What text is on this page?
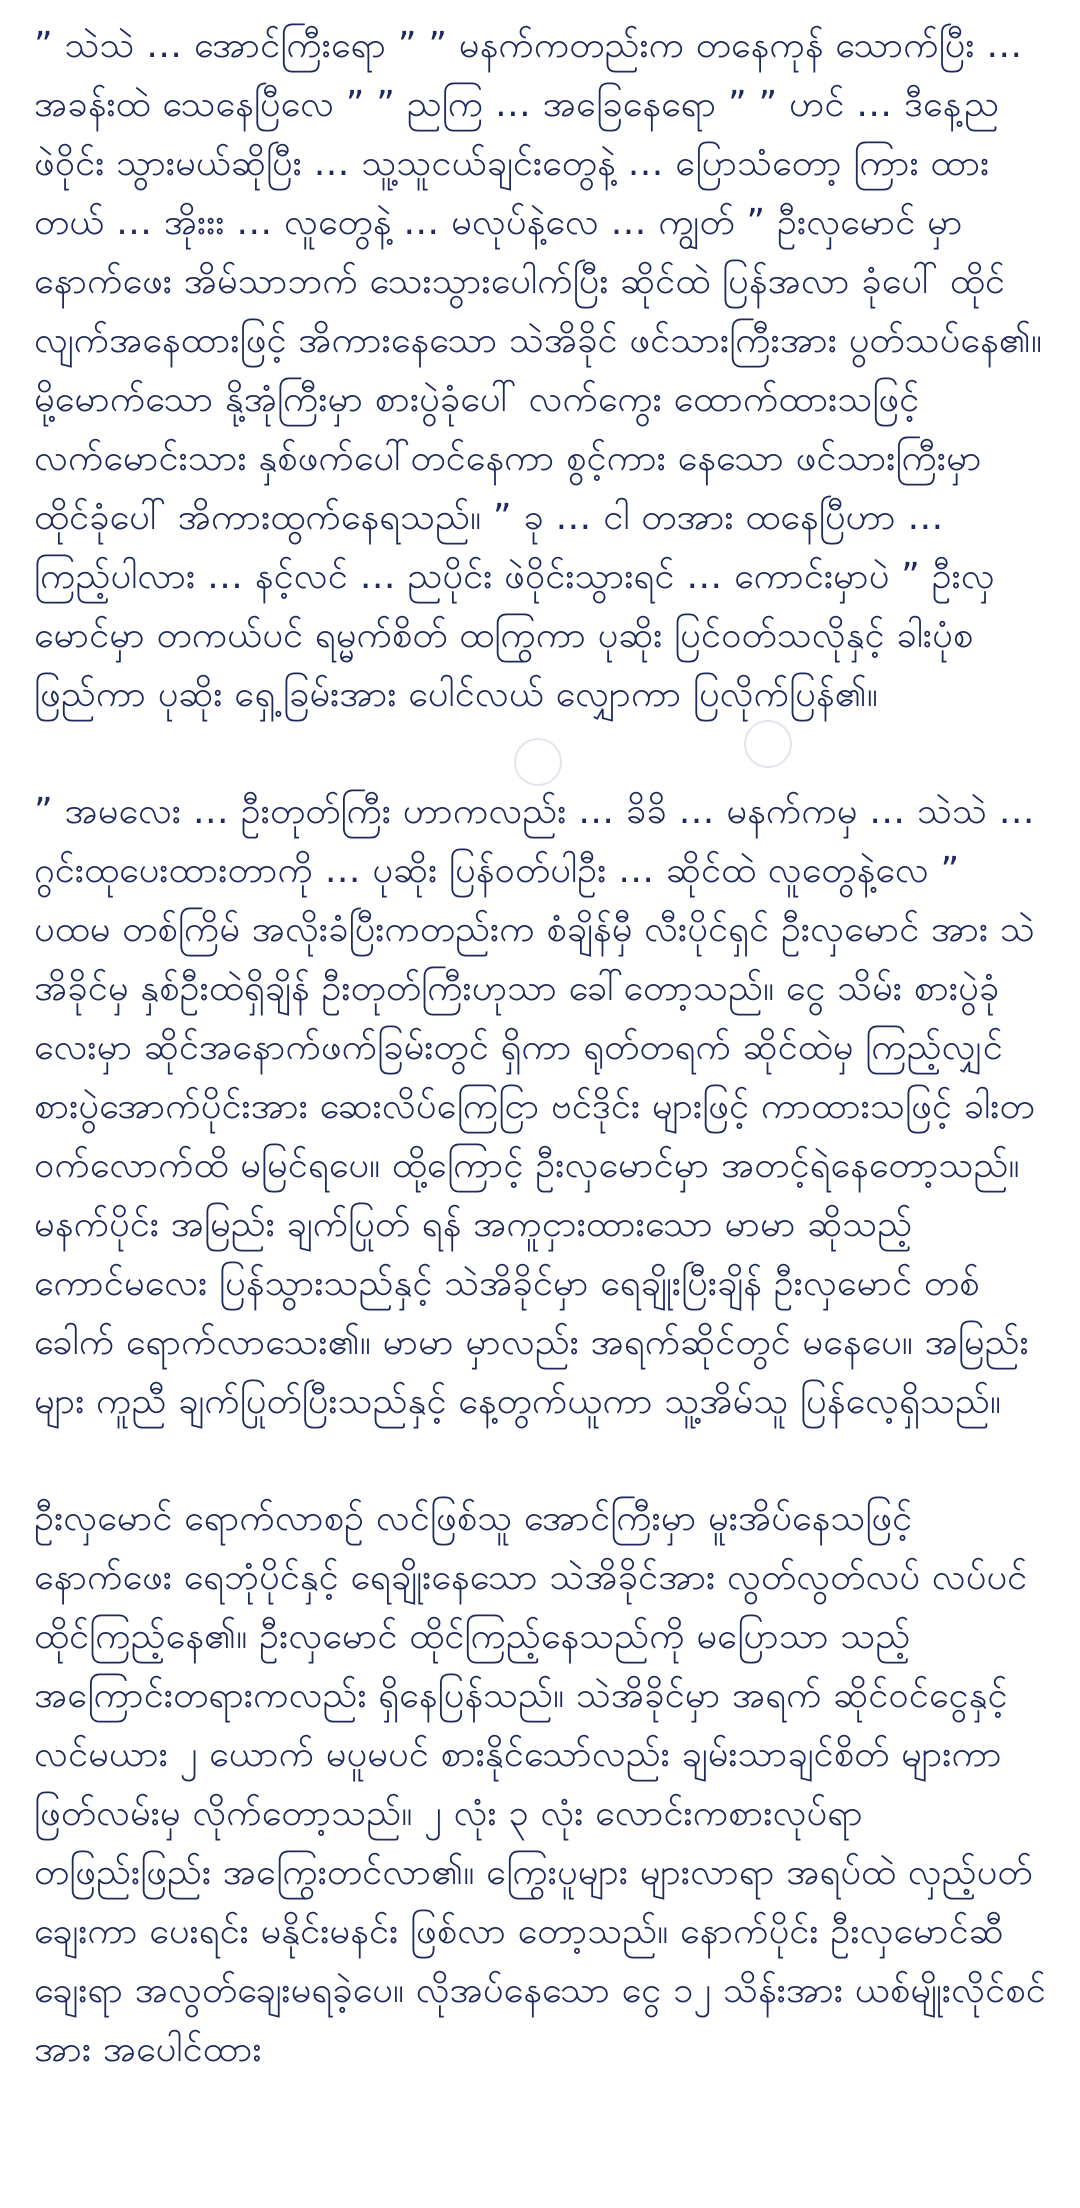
” သဲသဲ … အောင်ကြီးရော ” ” မနက်ကတည်းက တနေကုန် သောက်ပြီး … အခန်းထဲ သေနေပြီလေ ” ” ညကြ … အခြေနေရော ” ” ဟင် … ဒီနေ့ည ဖဲဝိုင်း သွားမယ်ဆိုပြီး … သူ့သူငယ်ချင်းတွေနဲ့ … ပြောသံတော့ ကြား ထားတယ် … အိုးးး … လူတွေနဲ့ … မလုပ်နဲ့လေ … ကျွတ် ” ဦးလှမောင် မှာ နောက်ဖေး အိမ်သာဘက် သေးသွားပေါက်ပြီး ဆိုင်ထဲ ပြန်အလာ ခုံပေါ် ထိုင်လျက်အနေထားဖြင့် အိကားနေသော သဲအိခိုင် ဖင်သားကြီးအား ပွတ်သပ်နေ၏။ မို့မောက်သော နို့အုံကြီးမှာ စားပွဲခုံပေါ် လက်ကွေး ထောက်ထားသဖြင့် လက်မောင်းသား နှစ်ဖက်ပေါ်တင်နေကာ စွင့်ကား နေသော ဖင်သားကြီးမှာ ထိုင်ခုံပေါ် အိကားထွက်နေရသည်။ ” ခု … ငါ တအား ထနေပြီဟာ … ကြည့်ပါလား … နင့်လင် … ညပိုင်း ဖဲဝိုင်းသွားရင် … ကောင်းမှာပဲ ” ဦးလှမောင်မှာ တကယ်ပင် ရမ္မက်စိတ် ထကြွကာ ပုဆိုး ပြင်ဝတ်သလိုနှင့် ခါးပုံစ ဖြည်ကာ ပုဆိုး ရှေ့ခြမ်းအား ပေါင်လယ် လျှောကာ ပြလိုက်ပြန်၏။

” အမလေး … ဦးတုတ်ကြီး ဟာကလည်း … ခိခိ … မနက်ကမှ … သဲသဲ … ဂွင်းထုပေးထားတာကို … ပုဆိုး ပြန်ဝတ်ပါဦး … ဆိုင်ထဲ လူတွေနဲ့လေ ” ပထမ တစ်ကြိမ် အလိုးခံပြီးကတည်းက စံချိန်မှီ လီးပိုင်ရှင် ဦးလှမောင် အား သဲအိခိုင်မှ နှစ်ဦးထဲရှိချိန် ဦးတုတ်ကြီးဟုသာ ခေါ်တော့သည်။ ငွေ သိမ်း စားပွဲခုံလေးမှာ ဆိုင်အနောက်ဖက်ခြမ်းတွင် ရှိကာ ရုတ်တရက် ဆိုင်ထဲမှ ကြည့်လျှင် စားပွဲအောက်ပိုင်းအား ဆေးလိပ်ကြေငြာ ဗင်ဒိုင်း များဖြင့် ကာထားသဖြင့် ခါးတဝက်လောက်ထိ မမြင်ရပေ။ ထို့ကြောင့် ဦးလှမောင်မှာ အတင့်ရဲနေတော့သည်။ မနက်ပိုင်း အမြည်း ချက်ပြုတ် ရန် အကူငှားထားသော မာမာ ဆိုသည့် ကောင်မလေး ပြန်သွားသည်နှင့် သဲအိခိုင်မှာ ရေချိုးပြီးချိန် ဦးလှမောင် တစ်ခေါက် ရောက်လာသေး၏။ မာမာ မှာလည်း အရက်ဆိုင်တွင် မနေပေ။ အမြည်းများ ကူညီ ချက်ပြုတ်ပြီးသည်နှင့် နေ့တွက်ယူကာ သူ့အိမ်သူ ပြန်လေ့ရှိသည်။

ဦးလှမောင် ရောက်လာစဉ် လင်ဖြစ်သူ အောင်ကြီးမှာ မူးအိပ်နေသဖြင့် နောက်ဖေး ရေဘုံပိုင်နှင့် ရေချိုးနေသော သဲအိခိုင်အား လွတ်လွတ်လပ် လပ်ပင် ထိုင်ကြည့်နေ၏။ ဦးလှမောင် ထိုင်ကြည့်နေသည်ကို မပြောသာ သည့် အကြောင်းတရားကလည်း ရှိနေပြန်သည်။ သဲအိခိုင်မှာ အရက် ဆိုင်ဝင်ငွေနှင့် လင်မယား ၂ ယောက် မပူမပင် စားနိုင်သော်လည်း ချမ်းသာချင်စိတ် များကာ ဖြတ်လမ်းမှ လိုက်တော့သည်။ ၂ လုံး ၃ လုံး လောင်းကစားလုပ်ရာ တဖြည်းဖြည်း အကြွေးတင်လာ၏။ ကြွေးပူများ များလာရာ အရပ်ထဲ လှည့်ပတ်ချေးကာ ပေးရင်း မနိုင်းမနင်း ဖြစ်လာ တော့သည်။ နောက်ပိုင်း ဦးလှမောင်ဆီ ချေးရာ အလွတ်ချေးမရခဲ့ပေ။ လိုအပ်နေသော ငွေ ၁၂ သိန်းအား ယစ်မျိုးလိုင်စင်အား အပေါင်ထား
